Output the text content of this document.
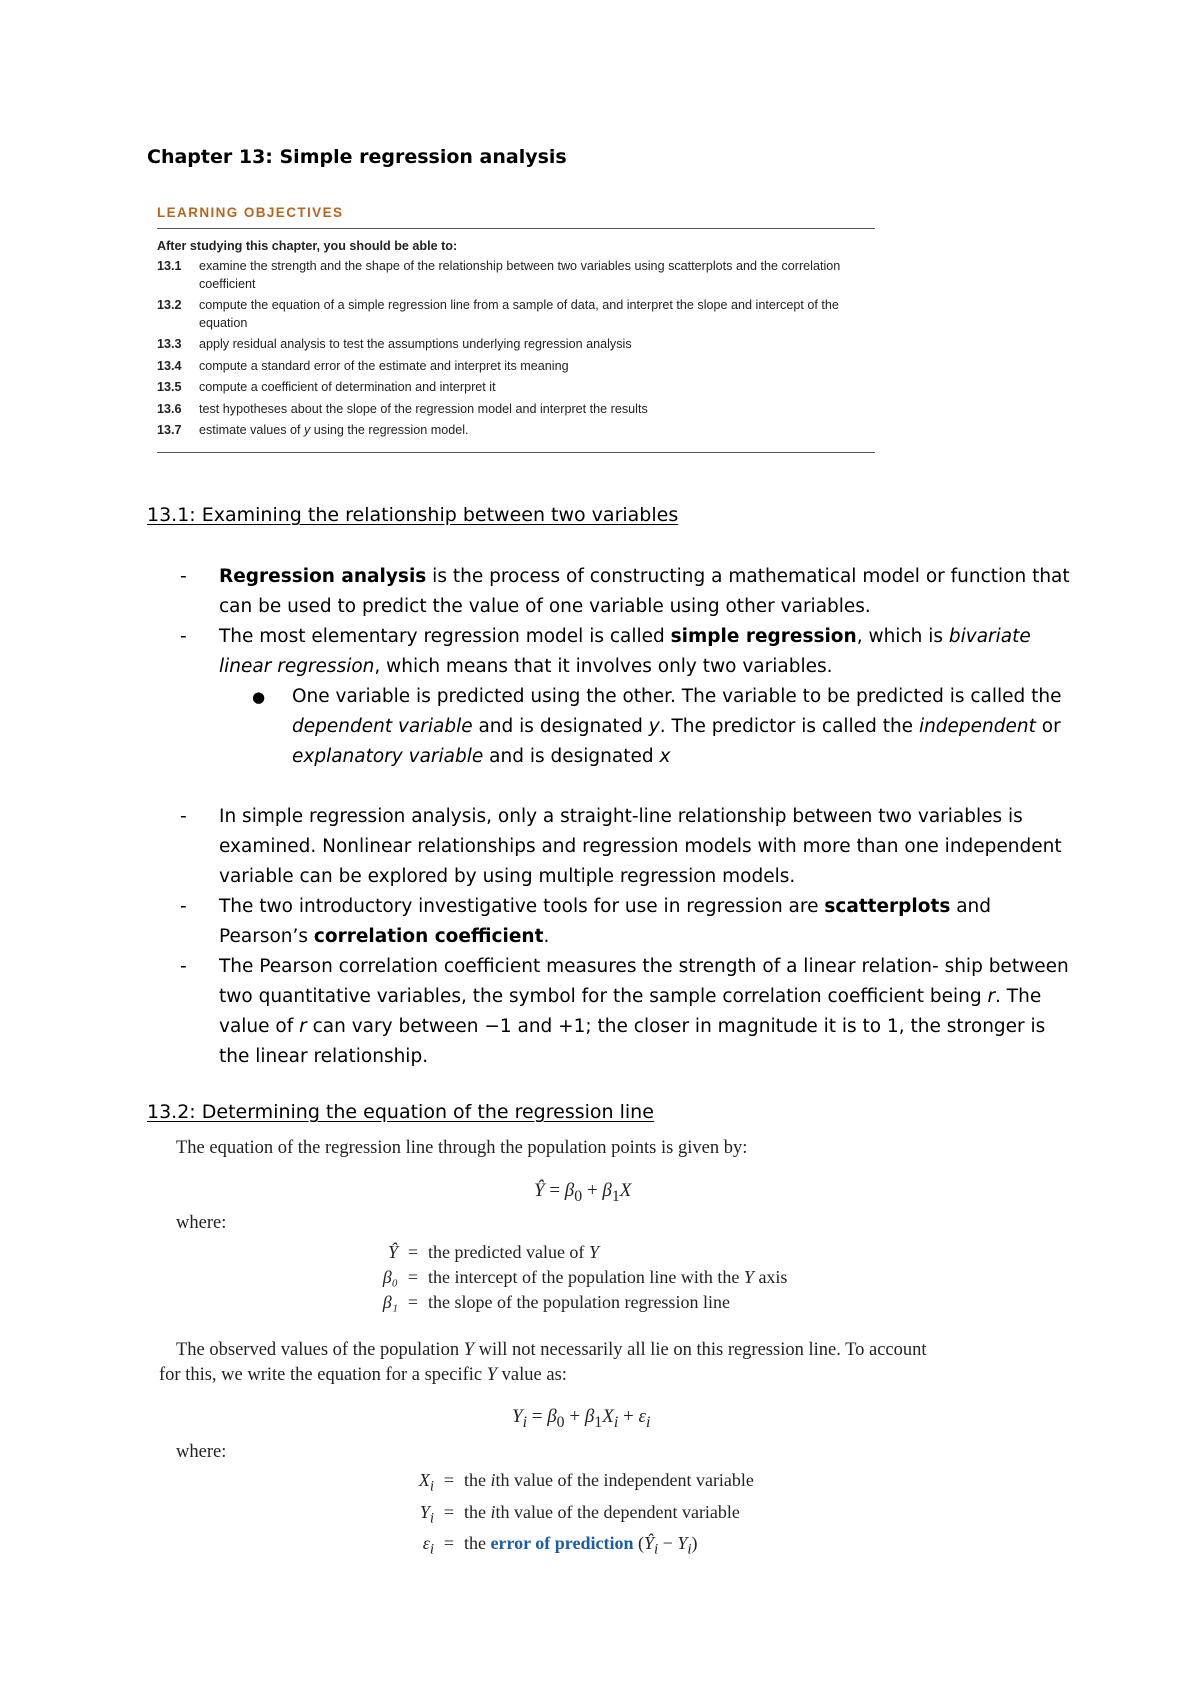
Chapter 13: Simple regression analysis
LEARNING OBJECTIVES
After studying this chapter, you should be able to:
13.1	examine the strength and the shape of the relationship between two variables using scatterplots and the correlation coefficient
13.2	compute the equation of a simple regression line from a sample of data, and interpret the slope and intercept of the equation
13.3	apply residual analysis to test the assumptions underlying regression analysis
13.4	compute a standard error of the estimate and interpret its meaning
13.5	compute a coefficient of determination and interpret it
13.6	test hypotheses about the slope of the regression model and interpret the results
13.7	estimate values of y using the regression model.
13.1: Examining the relationship between two variables
-	Regression analysis is the process of constructing a mathematical model or function that can be used to predict the value of one variable using other variables.
-	The most elementary regression model is called simple regression, which is bivariate linear regression, which means that it involves only two variables.
●	One variable is predicted using the other. The variable to be predicted is called the dependent variable and is designated y. The predictor is called the independent or explanatory variable and is designated x
-	In simple regression analysis, only a straight-line relationship between two variables is examined. Nonlinear relationships and regression models with more than one independent variable can be explored by using multiple regression models.
-	The two introductory investigative tools for use in regression are scatterplots and Pearson’s correlation coefficient.
-	The Pearson correlation coefficient measures the strength of a linear relation- ship between two quantitative variables, the symbol for the sample correlation coefficient being r. The value of r can vary between −1 and +1; the closer in magnitude it is to 1, the stronger is the linear relationship.
13.2: Determining the equation of the regression line
The equation of the regression line through the population points is given by:
Ŷ = $\beta_0 + \beta_1X$
where:
Ŷ = the predicted value of Y
β₀ = the intercept of the population line with the Y axis
β₁ = the slope of the population regression line
The observed values of the population Y will not necessarily all lie on this regression line. To account
for this, we write the equation for a specific Y value as:
$Y_i = \beta_0 + \beta_1X_i + \varepsilon_i$
where:
$X_i$ = the ith value of the independent variable
$Y_i$ = the ith value of the dependent variable
$\varepsilon_i$ = the error of prediction $(Ŷ_i - Y_i)$
